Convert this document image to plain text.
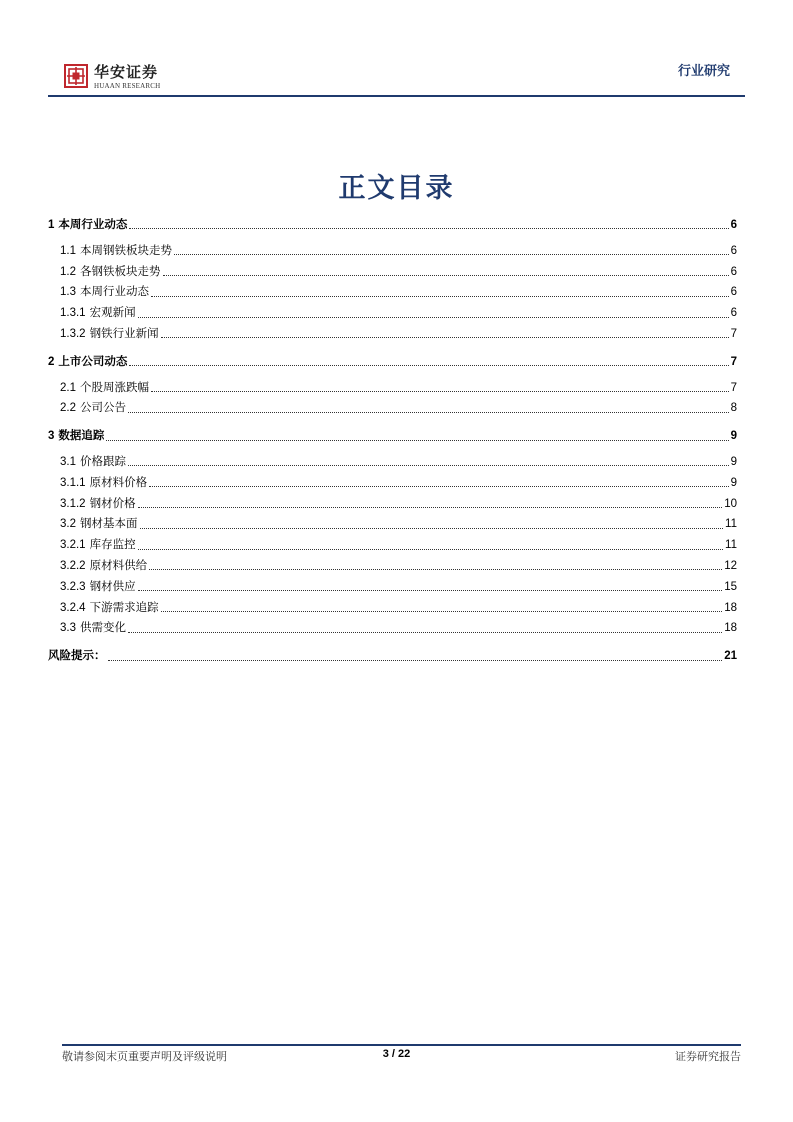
华安证券
HUAAN RESEARCH
行业研究
正文目录
1 本周行业动态	6
1.1 本周钢铁板块走势	6
1.2 各钢铁板块走势	6
1.3 本周行业动态	6
1.3.1 宏观新闻	6
1.3.2 钢铁行业新闻	7
2 上市公司动态	7
2.1 个股周涨跌幅	7
2.2 公司公告	8
3 数据追踪	9
3.1 价格跟踪	9
3.1.1 原材料价格	9
3.1.2 钢材价格	10
3.2 钢材基本面	11
3.2.1 库存监控	11
3.2.2 原材料供给	12
3.2.3 钢材供应	15
3.2.4 下游需求追踪	18
3.3 供需变化	18
风险提示：	21
敬请参阅末页重要声明及评级说明	3 / 22	证券研究报告
